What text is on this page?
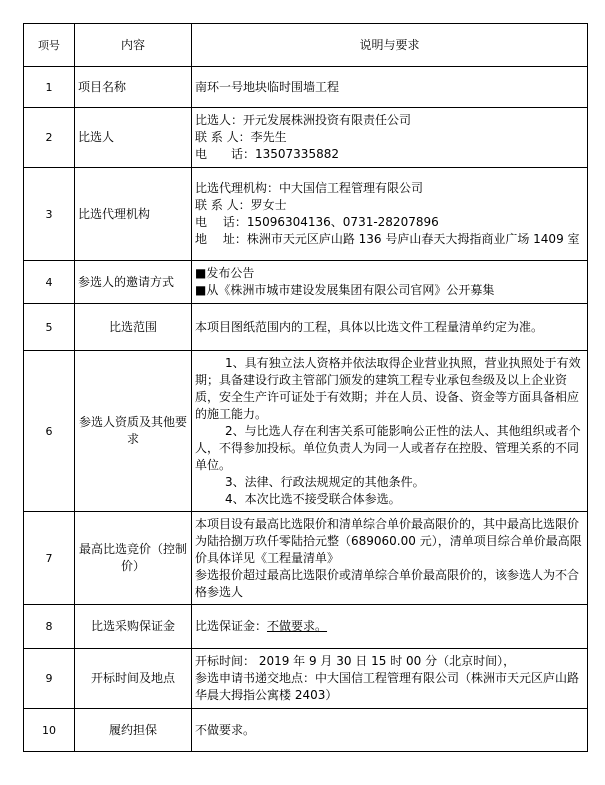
项号	内容	说明与要求
1	项目名称	南环一号地块临时围墙工程

2	比选人	比选人：开元发展株洲投资有限责任公司
联 系 人：李先生
电　　话：13507335882

3	比选代理机构	比选代理机构：中大国信工程管理有限公司
联 系 人：罗女士
电　 话：15096304136、0731-28207896
地　 址：株洲市天元区庐山路 136 号庐山春天大拇指商业广场 1409 室

4	参选人的邀请方式	■发布公告
■从《株洲市城市建设发展集团有限公司官网》公开募集

5	比选范围	本项目图纸范围内的工程，具体以比选文件工程量清单约定为准。

6	参选人资质及其他要求	1、具有独立法人资格并依法取得企业营业执照，营业执照处于有效期；具备建设行政主管部门颁发的建筑工程专业承包叁级及以上企业资质，安全生产许可证处于有效期；并在人员、设备、资金等方面具备相应的施工能力。
2、与比选人存在利害关系可能影响公正性的法人、其他组织或者个人，不得参加投标。单位负责人为同一人或者存在控股、管理关系的不同单位。
3、法律、行政法规规定的其他条件。
4、本次比选不接受联合体参选。

7	最高比选竞价（控制价）	本项目设有最高比选限价和清单综合单价最高限价的，其中最高比选限价为陆拾捌万玖仟零陆拾元整（689060.00 元），清单项目综合单价最高限价具体详见《工程量清单》
参选报价超过最高比选限价或清单综合单价最高限价的，该参选人为不合格参选人

8	比选采购保证金	比选保证金：不做要求。
9	开标时间及地点	开标时间： 2019 年 9 月 30 日 15 时 00 分（北京时间），
参选申请书递交地点：中大国信工程管理有限公司（株洲市天元区庐山路华晨大拇指公寓楼 2403）

10	履约担保	不做要求。
